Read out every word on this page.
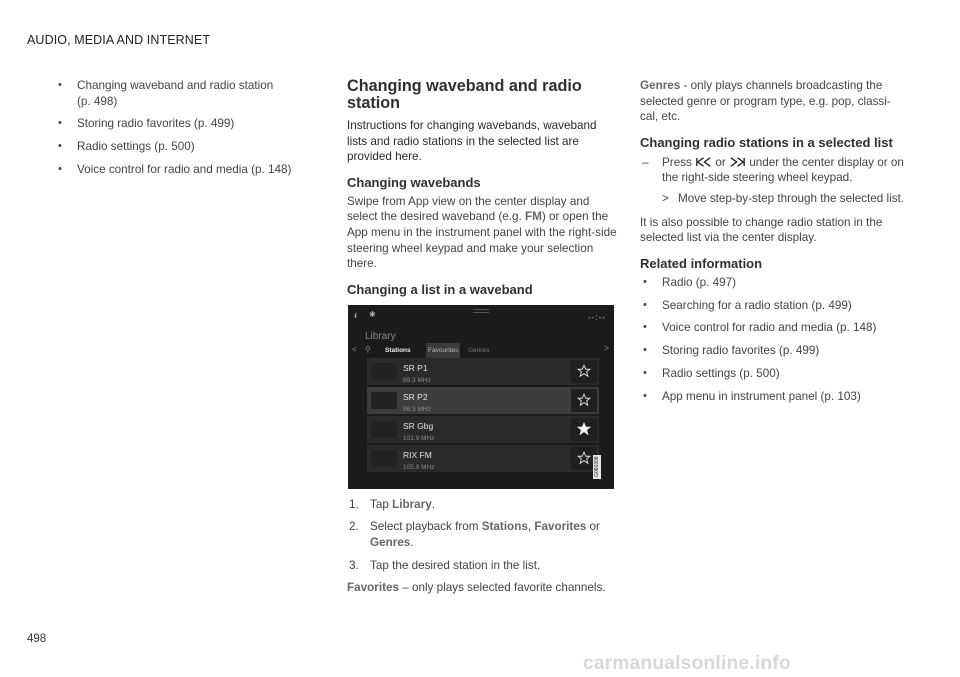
AUDIO, MEDIA AND INTERNET
• Changing waveband and radio station
(p. 498)
• Storing radio favorites (p. 499)
• Radio settings (p. 500)
• Voice control for radio and media (p. 148)
Changing waveband and radio station

Instructions for changing wavebands, waveband lists and radio stations in the selected list are provided here.

Changing wavebands

Swipe from App view on the center display and select the desired waveband (e.g. FM) or open the App menu in the instrument panel with the right-side steering wheel keypad and make your selection there.

Changing a list in a waveband
·ıl ✱	--:--
Library
< ⚲ Stations	Favourites	Genres	>
SR P1
89.3 MHz
SR P2
96.3 MHz
SR Gbg
101.9 MHz
RIX FM
105.9 MHz	G060308
1. Tap Library.
2. Select playback from Stations, Favorites or Genres.
3. Tap the desired station in the list.

Favorites – only plays selected favorite channels.

Genres - only plays channels broadcasting the selected genre or program type, e.g. pop, classi-cal, etc.

Changing radio stations in a selected list
– Press  or  under the center display or on the right-side steering wheel keypad.
> Move step-by-step through the selected list.

It is also possible to change radio station in the selected list via the center display.

Related information
• Radio (p. 497)
• Searching for a radio station (p. 499)
• Voice control for radio and media (p. 148)
• Storing radio favorites (p. 499)
• Radio settings (p. 500)
• App menu in instrument panel (p. 103)
498
carmanualsonline.info
